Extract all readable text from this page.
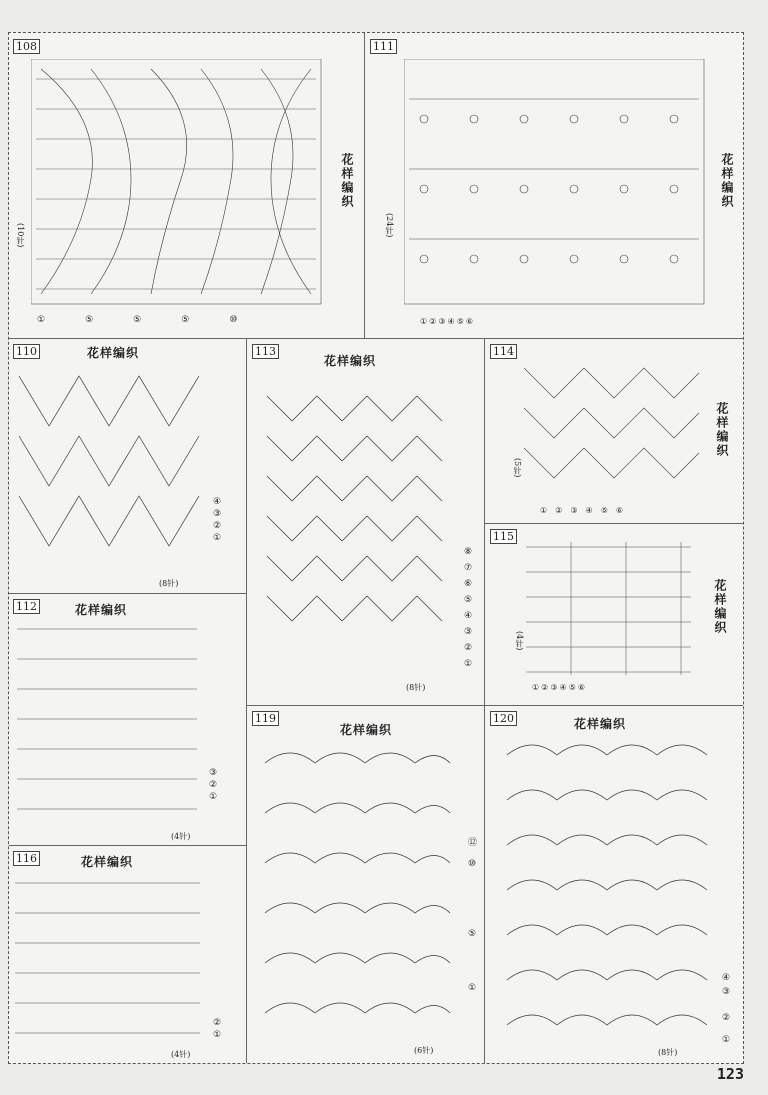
108
花样编织
(10针)
①	⑤	⑤	⑤	⑩
111
花样编织
(24针)
① ② ③ ④ ⑤ ⑥
110	花样编织
④
③
②
①
(8针)
113
花样编织
⑧
⑦
⑥
⑤
④
③
②
①
(8针)
114
花样编织
(5针)
① ② ③ ④ ⑤ ⑥
115
花样编织
(4针)
① ② ③ ④ ⑤ ⑥
112	花样编织
③
②
①
(4针)
119
花样编织
⑫
⑩
⑤
①
(6针)
120	花样编织
④
③
②
①
(8针)
116	花样编织
②
①
(4针)
123
